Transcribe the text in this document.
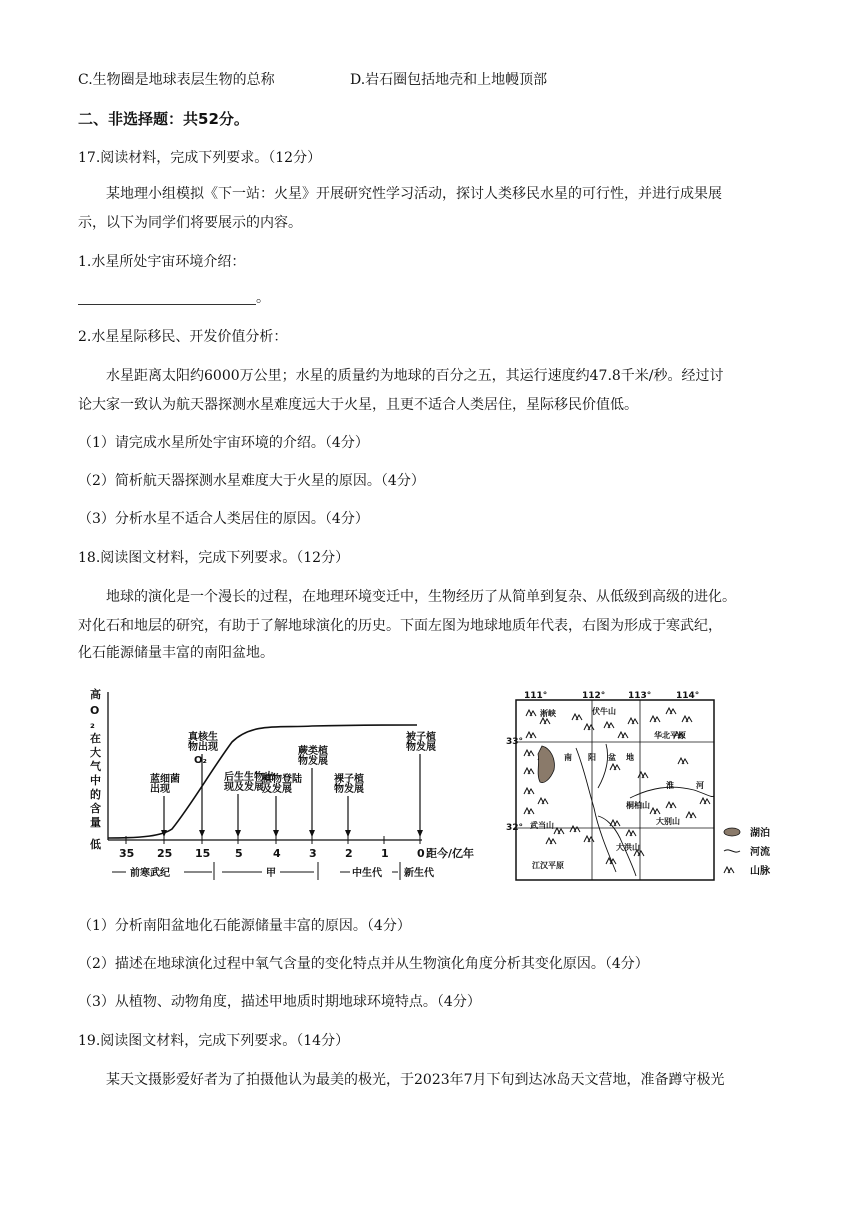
C.生物圈是地球表层生物的总称	D.岩石圈包括地壳和上地幔顶部
二、非选择题：共52分。
17.阅读材料，完成下列要求。（12分）
某地理小组模拟《下一站：火星》开展研究性学习活动，探讨人类移民水星的可行性，并进行成果展
示，以下为同学们将要展示的内容。
1.水星所处宇宙环境介绍：
。
2.水星星际移民、开发价值分析：
水星距离太阳约6000万公里；水星的质量约为地球的百分之五，其运行速度约47.8千米/秒。经过讨
论大家一致认为航天器探测水星难度远大于火星，且更不适合人类居住，星际移民价值低。
（1）请完成水星所处宇宙环境的介绍。（4分）
（2）简析航天器探测水星难度大于火星的原因。（4分）
（3）分析水星不适合人类居住的原因。（4分）
18.阅读图文材料，完成下列要求。（12分）
地球的演化是一个漫长的过程，在地理环境变迁中，生物经历了从简单到复杂、从低级到高级的进化。
对化石和地层的研究，有助于了解地球演化的历史。下面左图为地球地质年代表，右图为形成于寒武纪，
化石能源储量丰富的南阳盆地。
高
低
O
₂
在
大
气
中
的
含
量
O₂
35 25 15 5	4	3	2	1	0
蓝细菌
出现
真核生
物出现
后生生物出
现及发展
植物登陆
及发展
蕨类植
物发展
裸子植
物发展
被子植
物发展
距今/亿年
前寒武纪	甲	中生代 新生代
111°	112°	113°	114°
33°
32°
淅峡	伏牛山
华北平原
南 阳 盆 地
淮	河
桐柏山
大洪山
大别山
江汉平原
武当山
湖泊
河流
山脉
（1）分析南阳盆地化石能源储量丰富的原因。（4分）
（2）描述在地球演化过程中氧气含量的变化特点并从生物演化角度分析其变化原因。（4分）
（3）从植物、动物角度，描述甲地质时期地球环境特点。（4分）
19.阅读图文材料，完成下列要求。（14分）
某天文摄影爱好者为了拍摄他认为最美的极光，于2023年7月下旬到达冰岛天文营地，准备蹲守极光
